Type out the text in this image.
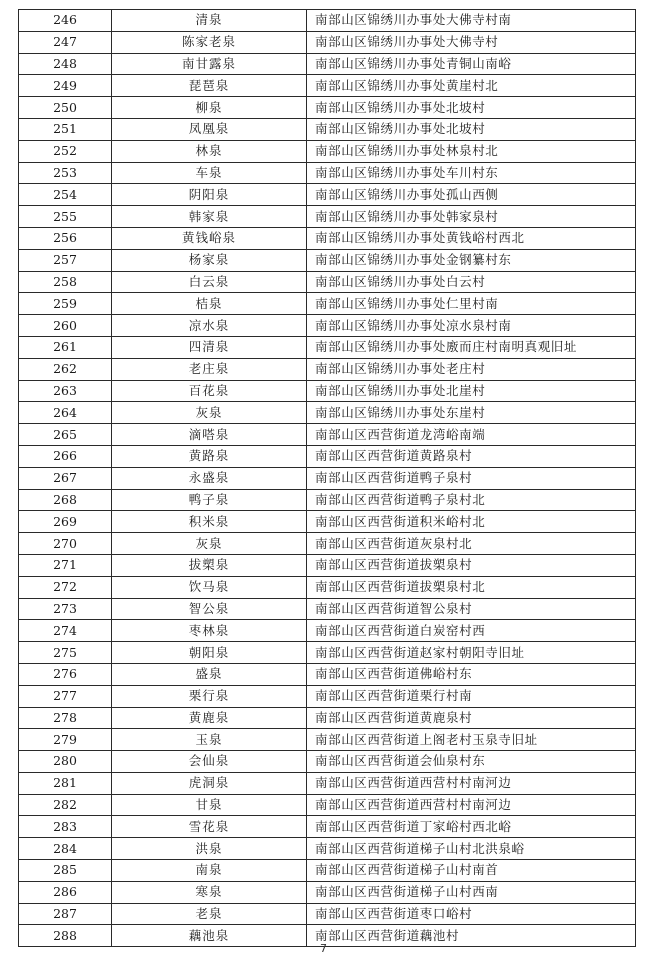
246	清泉	南部山区锦绣川办事处大佛寺村南
247	陈家老泉	南部山区锦绣川办事处大佛寺村
248	南甘露泉	南部山区锦绣川办事处青铜山南峪
249	琵琶泉	南部山区锦绣川办事处黄崖村北
250	柳泉	南部山区锦绣川办事处北坡村
251	凤凰泉	南部山区锦绣川办事处北坡村
252	林泉	南部山区锦绣川办事处林泉村北
253	车泉	南部山区锦绣川办事处车川村东
254	阴阳泉	南部山区锦绣川办事处孤山西侧
255	韩家泉	南部山区锦绣川办事处韩家泉村
256	黄钱峪泉	南部山区锦绣川办事处黄钱峪村西北
257	杨家泉	南部山区锦绣川办事处金钢纂村东
258	白云泉	南部山区锦绣川办事处白云村
259	桔泉	南部山区锦绣川办事处仁里村南
260	凉水泉	南部山区锦绣川办事处凉水泉村南
261	四清泉	南部山区锦绣川办事处廒而庄村南明真观旧址
262	老庄泉	南部山区锦绣川办事处老庄村
263	百花泉	南部山区锦绣川办事处北崖村
264	灰泉	南部山区锦绣川办事处东崖村
265	滴嗒泉	南部山区西营街道龙湾峪南端
266	黄路泉	南部山区西营街道黄路泉村
267	永盛泉	南部山区西营街道鸭子泉村
268	鸭子泉	南部山区西营街道鸭子泉村北
269	积米泉	南部山区西营街道积米峪村北
270	灰泉	南部山区西营街道灰泉村北
271	拔槊泉	南部山区西营街道拔槊泉村
272	饮马泉	南部山区西营街道拔槊泉村北
273	智公泉	南部山区西营街道智公泉村
274	枣林泉	南部山区西营街道白炭窑村西
275	朝阳泉	南部山区西营街道赵家村朝阳寺旧址
276	盛泉	南部山区西营街道佛峪村东
277	栗行泉	南部山区西营街道栗行村南
278	黄鹿泉	南部山区西营街道黄鹿泉村
279	玉泉	南部山区西营街道上阁老村玉泉寺旧址
280	会仙泉	南部山区西营街道会仙泉村东
281	虎洞泉	南部山区西营街道西营村村南河边
282	甘泉	南部山区西营街道西营村村南河边
283	雪花泉	南部山区西营街道丁家峪村西北峪
284	洪泉	南部山区西营街道梯子山村北洪泉峪
285	南泉	南部山区西营街道梯子山村南首
286	寒泉	南部山区西营街道梯子山村西南
287	老泉	南部山区西营街道枣口峪村
288	藕池泉	南部山区西营街道藕池村
7
